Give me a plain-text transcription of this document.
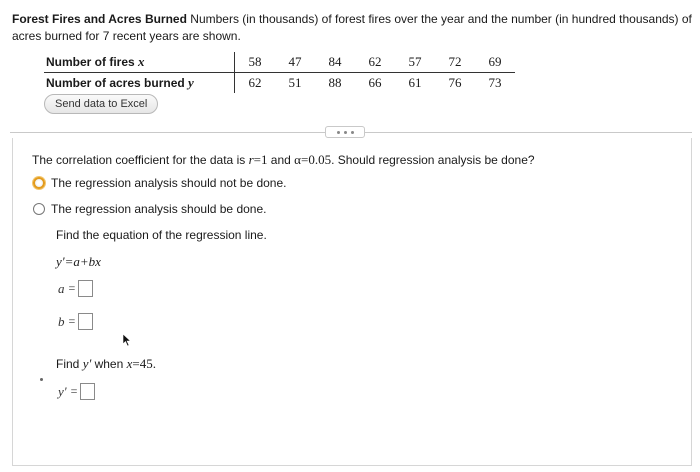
Forest Fires and Acres Burned Numbers (in thousands) of forest fires over the year and the number (in hundred thousands) of acres burned for 7 recent years are shown.
Number of fires x		58	47	84	62	57	72	69
Number of acres burned y		62	51	88	66	61	76	73
Send data to Excel
The correlation coefficient for the data is r=1 and α=0.05. Should regression analysis be done?
The regression analysis should not be done.
The regression analysis should be done.
Find the equation of the regression line.
y'=a+bx
a =
b =
Find y' when x=45.
y' =
